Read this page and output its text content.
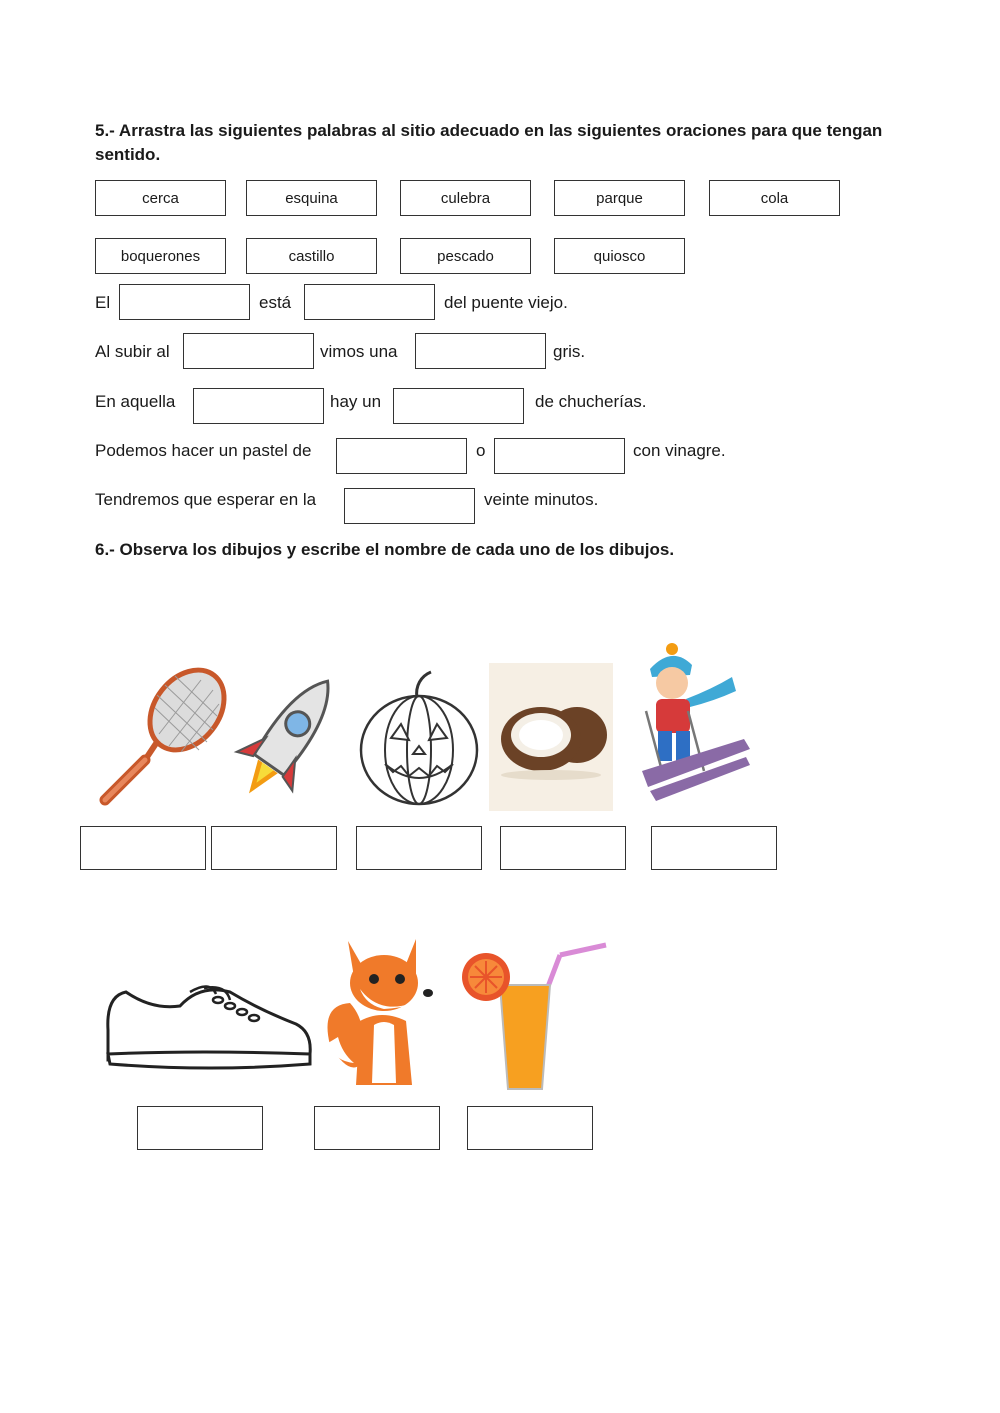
5.- Arrastra las siguientes palabras al sitio adecuado en las siguientes oraciones para que tengan sentido.
cerca	esquina	culebra	parque	cola
boquerones	castillo	pescado	quiosco
El	está	del puente viejo.
Al subir al	vimos una	gris.
En aquella	hay un	de chucherías.
Podemos hacer un pastel de	o	con vinagre.
Tendremos que esperar en la	veinte minutos.
6.- Observa los dibujos y escribe el nombre de cada uno de los dibujos.
